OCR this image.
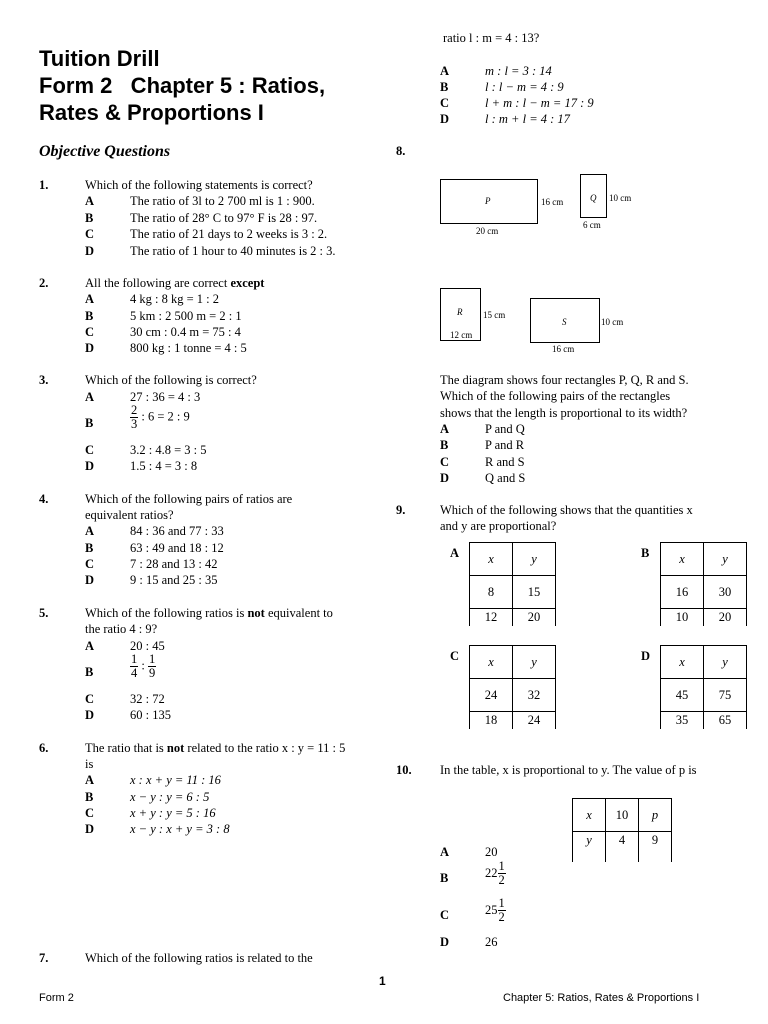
Tuition Drill
Form 2   Chapter 5 : Ratios,
Rates & Proportions I
Objective Questions
1.	Which of the following statements is correct?
A	The ratio of 3l to 2 700 ml is 1 : 900.
B	The ratio of 28° C to 97° F is 28 : 97.
C	The ratio of 21 days to 2 weeks is 3 : 2.
D	The ratio of 1 hour to 40 minutes is 2 : 3.
2.	All the following are correct except
A	4 kg : 8 kg = 1 : 2
B	5 km : 2 500 m = 2 : 1
C	30 cm : 0.4 m = 75 : 4
D	800 kg : 1 tonne = 4 : 5
3.	Which of the following is correct?
A	27 : 36 = 4 : 3
B	$\frac{2}{3}$ : 6 = 2 : 9
C	3.2 : 4.8 = 3 : 5
D	1.5 : 4 = 3 : 8
4.	Which of the following pairs of ratios are
equivalent ratios?
A	84 : 36 and 77 : 33
B	63 : 49 and 18 : 12
C	7 : 28 and 13 : 42
D	9 : 15 and 25 : 35
5.	Which of the following ratios is not equivalent to
the ratio 4 : 9?
A	20 : 45
B	$\frac{1}{4}$ : $\frac{1}{9}$
C	32 : 72
D	60 : 135
6.	The ratio that is not related to the ratio x : y = 11 : 5
is
A	x : x + y = 11 : 16
B	x − y : y = 6 : 5
C	x + y : y = 5 : 16
D	x − y : x + y = 3 : 8
7.	Which of the following ratios is related to the
ratio l : m = 4 : 13?
A	m : l = 3 : 14
B	l : l − m = 4 : 9
C	l + m : l − m = 17 : 9
D	l : m + l = 4 : 17
8.
P	16 cm
20 cm
Q 10 cm
6 cm
R 15 cm
12 cm
S	10 cm
16 cm
The diagram shows four rectangles P, Q, R and S.
Which of the following pairs of the rectangles
shows that the length is proportional to its width?
A	P and Q
B	P and R
C	R and S
D	Q and S
9.	Which of the following shows that the quantities x
and y are proportional?
A x	y
8	15
12	20
B x	y
16	30
10	20
C x	y
24	32
18	24
D x	y
45	75
35	65
10. In the table, x is proportional to y. The value of p is
x	10	p
y	4	9
A	20
B	$22 \frac{1}{2}$
C	$25 \frac{1}{2}$
D	26
1
Form 2	Chapter 5: Ratios, Rates & Proportions I
